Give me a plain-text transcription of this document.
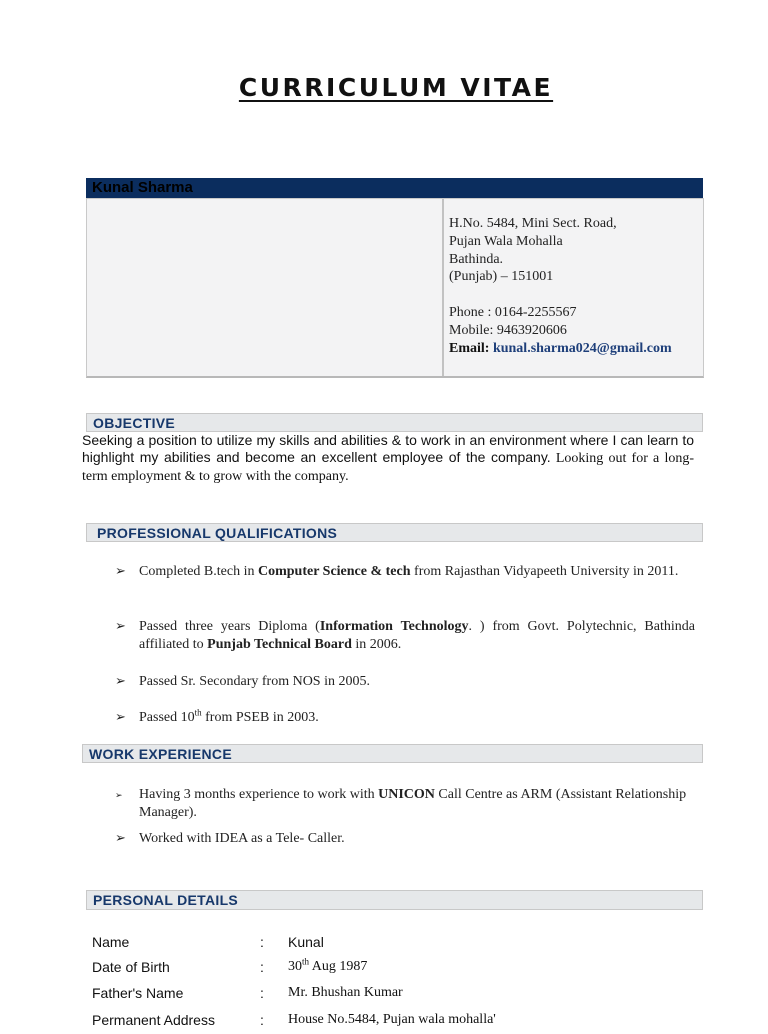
CURRICULUM VITAE
Kunal Sharma
H.No. 5484, Mini Sect. Road,
Pujan Wala Mohalla
Bathinda.
(Punjab) – 151001
Phone : 0164-2255567
Mobile: 9463920606
Email: kunal.sharma024@gmail.com
OBJECTIVE
Seeking a position to utilize my skills and abilities & to work in an environment where I can learn to highlight my abilities and become an excellent employee of the company. Looking out for a long-term employment & to grow with the company.
PROFESSIONAL QUALIFICATIONS
➢ Completed B.tech in Computer Science & tech from Rajasthan Vidyapeeth University in 2011.
➢ Passed three years Diploma (Information Technology. ) from Govt. Polytechnic, Bathinda affiliated to Punjab Technical Board in 2006.
➢ Passed Sr. Secondary from NOS in 2005.
➢ Passed 10th from PSEB in 2003.
WORK EXPERIENCE
➢	Having 3 months experience to work with UNICON Call Centre as ARM (Assistant Relationship Manager).
➢ Worked with IDEA as a Tele- Caller.
PERSONAL DETAILS
Name	: Kunal
Date of Birth	: 30th Aug 1987
Father's Name	: Mr. Bhushan Kumar
Permanent Address	: House No.5484, Pujan wala mohalla'
